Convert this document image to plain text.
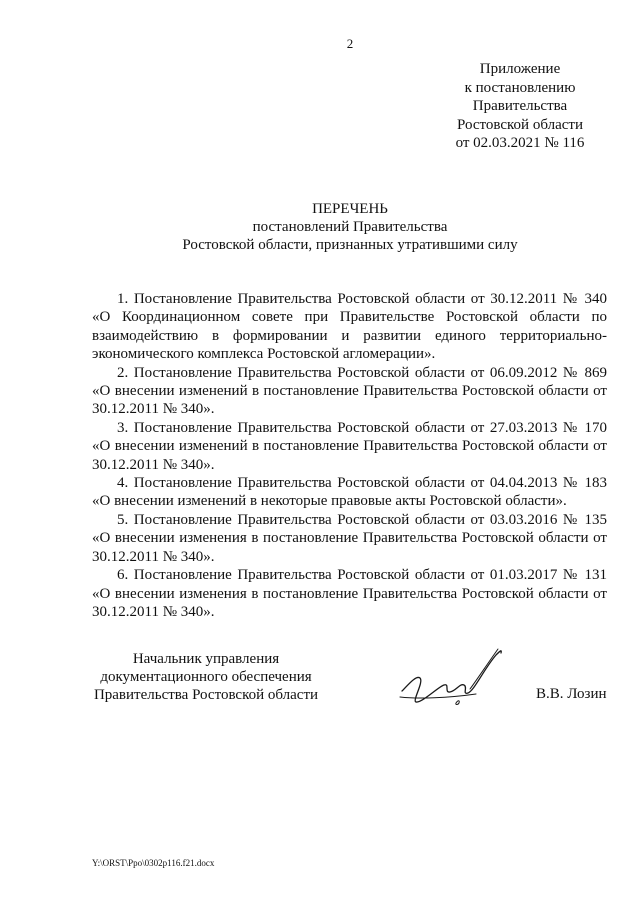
2
Приложение
к постановлению
Правительства
Ростовской области
от 02.03.2021 № 116
ПЕРЕЧЕНЬ
постановлений Правительства
Ростовской области, признанных утратившими силу

1. Постановление Правительства Ростовской области от 30.12.2011 № 340 «О Координационном совете при Правительстве Ростовской области по взаимодействию в формировании и развитии единого территориально-экономического комплекса Ростовской агломерации».

2. Постановление Правительства Ростовской области от 06.09.2012 № 869 «О внесении изменений в постановление Правительства Ростовской области от 30.12.2011 № 340».

3. Постановление Правительства Ростовской области от 27.03.2013 № 170 «О внесении изменений в постановление Правительства Ростовской области от 30.12.2011 № 340».

4. Постановление Правительства Ростовской области от 04.04.2013 № 183 «О внесении изменений в некоторые правовые акты Ростовской области».

5. Постановление Правительства Ростовской области от 03.03.2016 № 135 «О внесении изменения в постановление Правительства Ростовской области от 30.12.2011 № 340».

6. Постановление Правительства Ростовской области от 01.03.2017 № 131 «О внесении изменения в постановление Правительства Ростовской области от 30.12.2011 № 340».

Начальник управления
документационного обеспечения
Правительства Ростовской области	В.В. Лозин
Y:\ORST\Ppo\0302p116.f21.docx
